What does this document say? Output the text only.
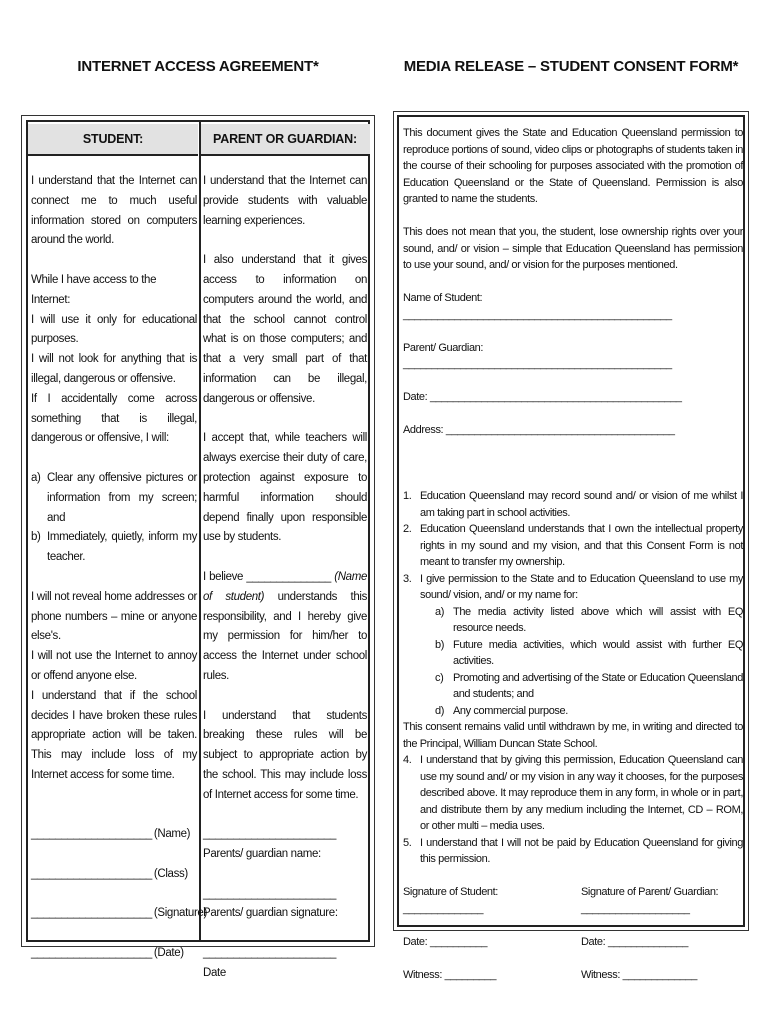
INTERNET ACCESS AGREEMENT*	MEDIA RELEASE – STUDENT CONSENT FORM*
STUDENT:	PARENT OR GUARDIAN:

I understand that the Internet can connect me to much useful information stored on computers around the world.

While I have access to the Internet:

I will use it only for educational purposes.

I will not look for anything that is illegal, dangerous or offensive.

If I accidentally come across something that is illegal, dangerous or offensive, I will:

a) Clear any offensive pictures or information from my screen; and
b) Immediately, quietly, inform my teacher.

I will not reveal home addresses or phone numbers – mine or anyone else's.

I will not use the Internet to annoy or offend anyone else.

I understand that if the school decides I have broken these rules appropriate action will be taken. This may include loss of my Internet access for some time.

____________________ (Name)
____________________ (Class)
____________________ (Signature)
____________________ (Date)

I understand that the Internet can provide students with valuable learning experiences.

I also understand that it gives access to information on computers around the world, and that the school cannot control what is on those computers; and that a very small part of that information can be illegal, dangerous or offensive.

I accept that, while teachers will always exercise their duty of care, protection against exposure to harmful information should depend finally upon responsible use by students.

I believe ______________ (Name of student) understands this responsibility, and I hereby give my permission for him/her to access the Internet under school rules.

I understand that students breaking these rules will be subject to appropriate action by the school. This may include loss of Internet access for some time.

______________________

Parents/ guardian name:

______________________

Parents/ guardian signature:

______________________

Date

This document gives the State and Education Queensland permission to reproduce portions of sound, video clips or photographs of students taken in the course of their schooling for purposes associated with the promotion of Education Queensland or the State of Queensland. Permission is also granted to name the students.

This does not mean that you, the student, lose ownership rights over your sound, and/ or vision – simple that Education Queensland has permission to use your sound, and/ or vision for the purposes mentioned.

Name of Student:

_______________________________________________

Parent/ Guardian:

_______________________________________________

Date: ____________________________________________

Address: ________________________________________

1. Education Queensland may record sound and/ or vision of me whilst I am taking part in school activities.
2. Education Queensland understands that I own the intellectual property rights in my sound and my vision, and that this Consent Form is not meant to transfer my ownership.
3. I give permission to the State and to Education Queensland to use my sound/ vision, and/ or my name for:
a) The media activity listed above which will assist with EQ resource needs.
b) Future media activities, which would assist with further EQ activities.
c) Promoting and advertising of the State or Education Queensland and students; and
d) Any commercial purpose.

This consent remains valid until withdrawn by me, in writing and directed to the Principal, William Duncan State School.

4. I understand that by giving this permission, Education Queensland can use my sound and/ or my vision in any way it chooses, for the purposes described above. It may reproduce them in any form, in whole or in part, and distribute them by any medium including the Internet, CD – ROM, or other multi – media uses.
5. I understand that I will not be paid by Education Queensland for giving this permission.

Signature of Student:

______________

Signature of Parent/ Guardian:

___________________

Date: __________	Date: ______________

Witness: _________	Witness: _____________
